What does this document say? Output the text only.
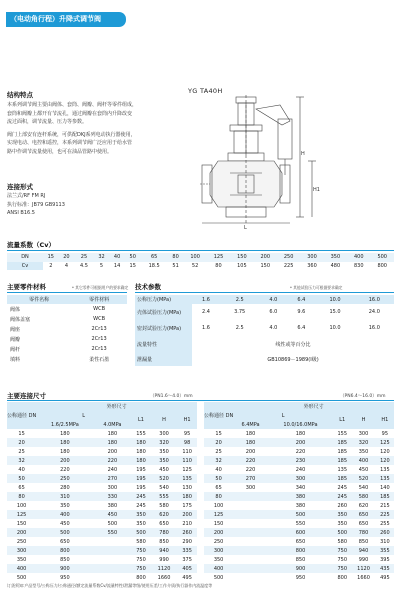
（电动角行程）升降式调节阀
结构特点
本系列调节阀主要由阀体、套筒、阀瓣、阀杆等零件组成，
套筒和阀瓣上都开有节流孔，通过阀瓣在套筒内升降改变
流过面积，调节流量、压力等参数。
阀门上部安有连杆系统，可供配DKJ系列电动执行器使用，
实现电动、电控和遥控，本系列调节阀广泛应用于给水管
路中作调节流量使用，也可在油品管路中使用。
连接形式
法兰式/RF FM RJ
执行标准：JB79 GB9113
ANSI B16.5
YG TA40H
H
H1
L
流量系数（Cv）
DN	15	20	25	32	40	50	65	80	100	125	150	200	250	300	350	400	500
Cv	2	4	4.5	5	14	15	18.5	51	52	80	105	150	225	360	480	830	800
主要零件材料	* 其它零件可根据用户的要求确定
零件名称	零件材料
阀体	WCB
阀体盖塞	WCB
阀座	2Cr13
阀瓣	2Cr13
阀杆	2Cr13
填料	柔性石墨
技术参数	* 其他试验压力可根据要求确定
公称压力(MPa)	1.6	2.5	4.0	6.4	10.0	16.0
壳体试验压力(MPa)	2.4	3.75	6.0	9.6	15.0	24.0
密封试验压力(MPa)	1.6	2.5	4.0	6.4	10.0	16.0
流量特性	线性或等百分比					
泄漏量	GB10869－1989(Ⅰ级)					
主要连接尺寸	（PN1.6～4.0）mm	（PN6.4～16.0）mm
公称通径 DN	外形尺寸				
	L		L1	H	H1
	1.6/2.5MPa	4.0MPa			
15	180	180	155	300	95
20	180	180	180	320	98
25	180	200	180	350	110
32	200	220	180	350	110
40	220	240	195	450	125
50	250	270	195	520	135
65	280	300	195	540	130
80	310	330	245	555	180
100	350	380	245	580	175
125	400	450	350	620	200
150	450	500	350	650	210
200	500	550	500	780	260
250	650		580	850	290
300	800		750	940	335
350	850		750	990	375
400	900		750	1120	405
500	950		800	1660	495
公称通径 DN	外形尺寸				
	L		L1	H	H1
	6.4MPa	10.0/16.0MPa			
15	180	180	155	300	95
20	180	200	185	320	125
25	200	220	185	350	120
32	220	230	185	400	120
40	220	240	135	450	135
50	270	300	185	520	135
65	300	340	245	540	140
80		380	245	580	185
100		380	260	620	215
125		500	350	650	225
150		550	350	650	255
200		600	500	780	260
250		650	580	850	310
300		800	750	940	355
350		850	750	990	395
400		900	750	1120	435
500		950	800	1660	495
订货须知:产品型号/公称压力/公称通径/额定流量系数Cv/流量特性/泄漏等级/使用压差/工作介质/执行器作内流温度等
